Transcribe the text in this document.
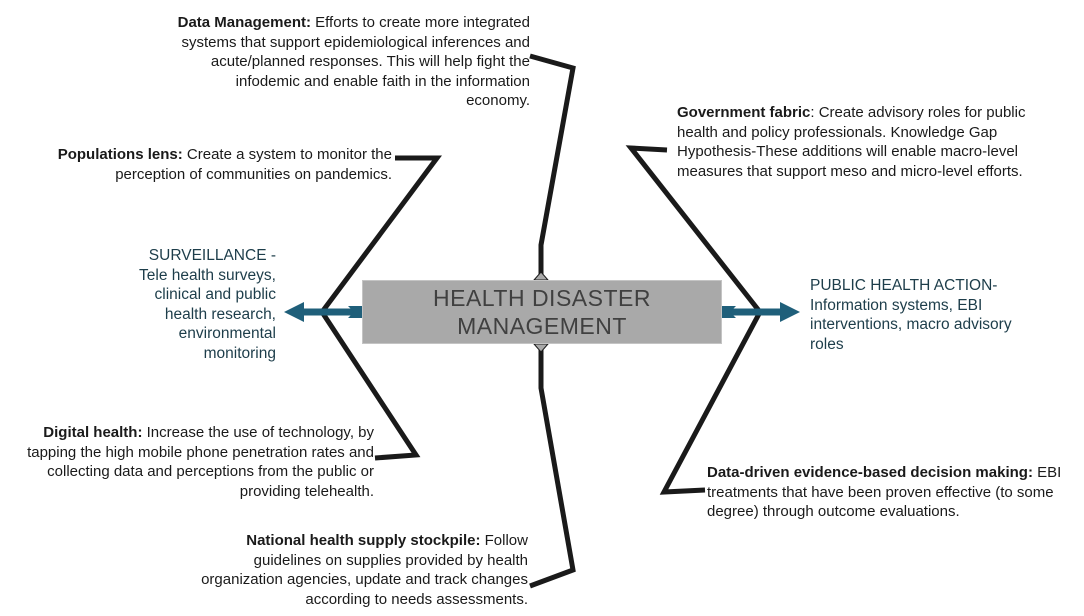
HEALTH DISASTER MANAGEMENT
Data Management: Efforts to create more integrated systems that support epidemiological inferences and acute/planned responses. This will help fight the infodemic and enable faith in the information economy.
Populations lens: Create a system to monitor the perception of communities on pandemics.
SURVEILLANCE - Tele health surveys, clinical and public health research, environmental monitoring
Digital health: Increase the use of technology, by tapping the high mobile phone penetration rates and collecting data and perceptions from the public or providing telehealth.
National health supply stockpile: Follow guidelines on supplies provided by health organization agencies, update and track changes according to needs assessments.
Government fabric: Create advisory roles for public health and policy professionals. Knowledge Gap Hypothesis-These additions will enable macro-level measures that support meso and micro-level efforts.
PUBLIC HEALTH ACTION- Information systems, EBI interventions, macro advisory roles
Data-driven evidence-based decision making: EBI treatments that have been proven effective (to some degree) through outcome evaluations.
